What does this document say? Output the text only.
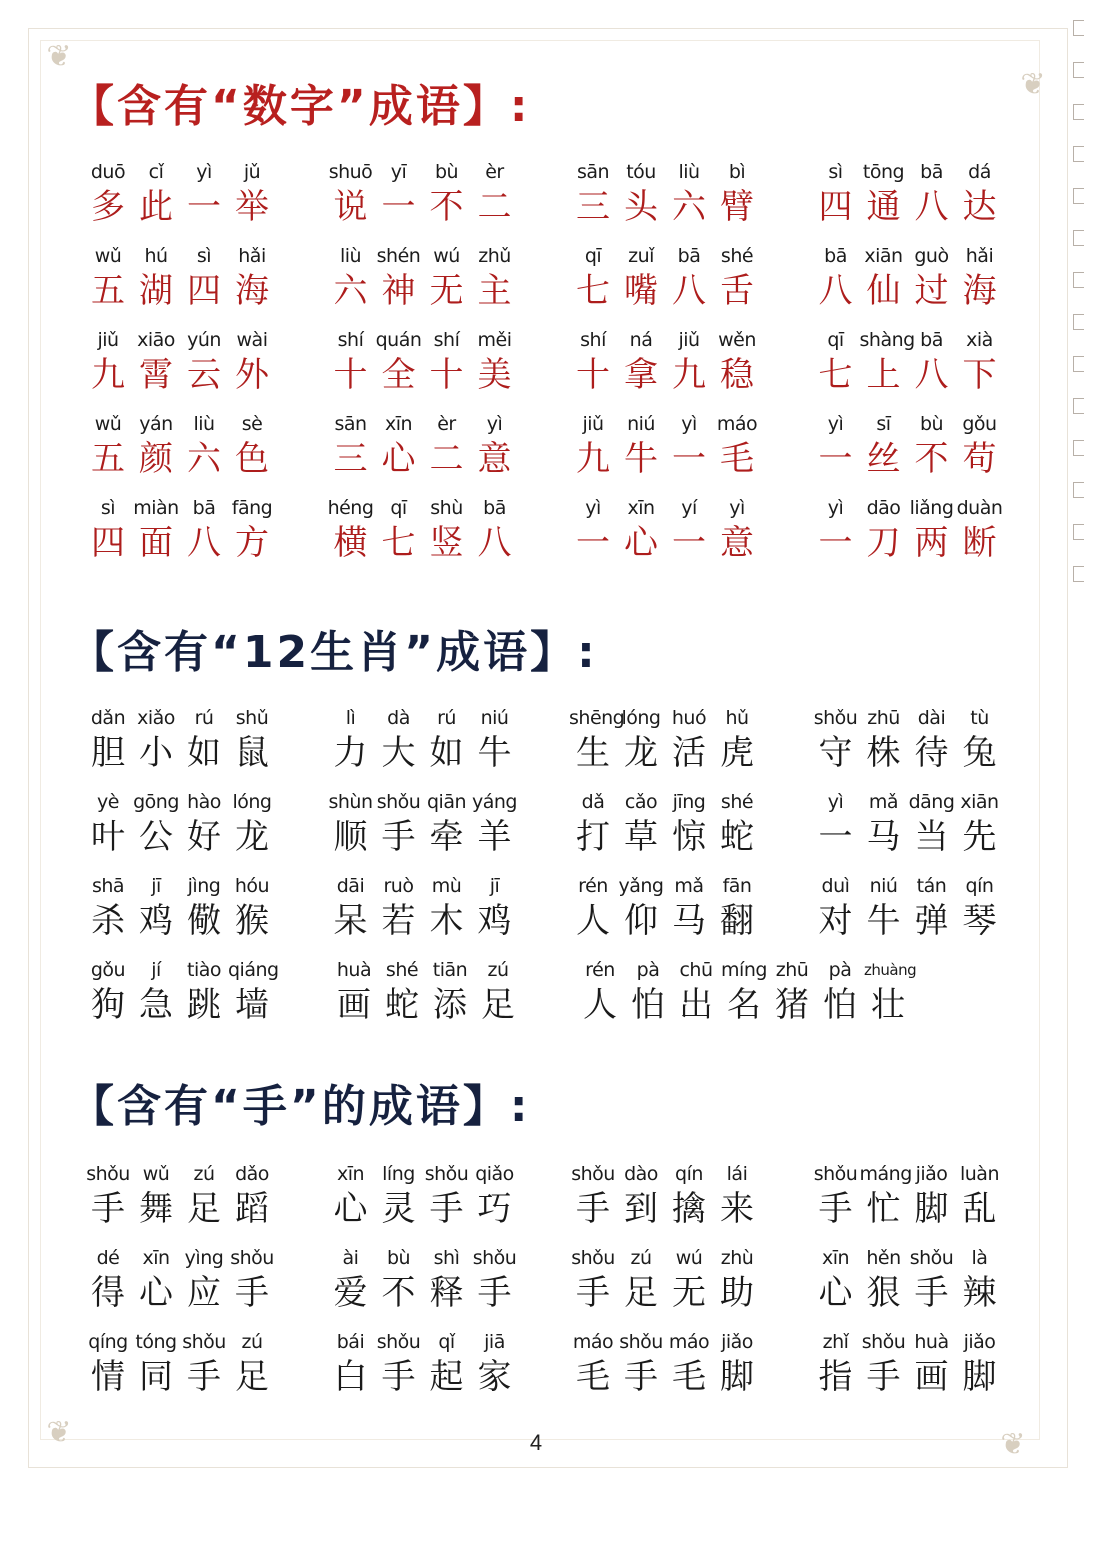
❦
❦
❦	❦
【含有“数字”成语】:
duō
多
cǐ
此
yì
一
jǔ
举
shuō
说
yī
一
bù
不
èr
二
sān
三
tóu
头
liù
六
bì
臂
sì
四
tōng
通
bā
八
dá
达
wǔ
五
hú
湖
sì
四
hǎi
海
liù
六
shén
神
wú
无
zhǔ
主
qī
七
zuǐ
嘴
bā
八
shé
舌
bā
八
xiān
仙
guò
过
hǎi
海
jiǔ
九
xiāo
霄
yún
云
wài
外
shí
十
quán
全
shí
十
měi
美
shí
十
ná
拿
jiǔ
九
wěn
稳
qī
七
shàng
上
bā
八
xià
下
wǔ
五
yán
颜
liù
六
sè
色
sān
三
xīn
心
èr
二
yì
意
jiǔ
九
niú
牛
yì
一
máo
毛
yì
一
sī
丝
bù
不
gǒu
苟
sì
四
miàn
面
bā
八
fāng
方
héng
横
qī
七
shù
竖
bā
八
yì
一
xīn
心
yí
一
yì
意
yì
一
dāo
刀
liǎng
两
duàn
断
【含有“12生肖”成语】:
dǎn
胆
xiǎo
小
rú
如
shǔ
鼠
lì
力
dà
大
rú
如
niú
牛
shēng
生
lóng
龙
huó
活
hǔ
虎
shǒu
守
zhū
株
dài
待
tù
兔
yè
叶
gōng
公
hào
好
lóng
龙
shùn
顺
shǒu
手
qiān
牵
yáng
羊
dǎ
打
cǎo
草
jīng
惊
shé
蛇
yì
一
mǎ
马
dāng
当
xiān
先
shā
杀
jī
鸡
jìng
儆
hóu
猴
dāi
呆
ruò
若
mù
木
jī
鸡
rén
人
yǎng
仰
mǎ
马
fān
翻
duì
对
niú
牛
tán
弹
qín
琴
gǒu
狗
jí
急
tiào
跳
qiáng
墙
huà
画
shé
蛇
tiān
添
zú
足
rén
人
pà
怕
chū
出
míng
名
zhū
猪
pà
怕
zhuàng
壮
【含有“手”的成语】:
shǒu
手
wǔ
舞
zú
足
dǎo
蹈
xīn
心
líng
灵
shǒu
手
qiǎo
巧
shǒu
手
dào
到
qín
擒
lái
来
shǒu
手
máng
忙
jiǎo
脚
luàn
乱
dé
得
xīn
心
yìng
应
shǒu
手
ài
爱
bù
不
shì
释
shǒu
手
shǒu
手
zú
足
wú
无
zhù
助
xīn
心
hěn
狠
shǒu
手
là
辣
qíng
情
tóng
同
shǒu
手
zú
足
bái
白
shǒu
手
qǐ
起
jiā
家
máo
毛
shǒu
手
máo
毛
jiǎo
脚
zhǐ
指
shǒu
手
huà
画
jiǎo
脚
4
